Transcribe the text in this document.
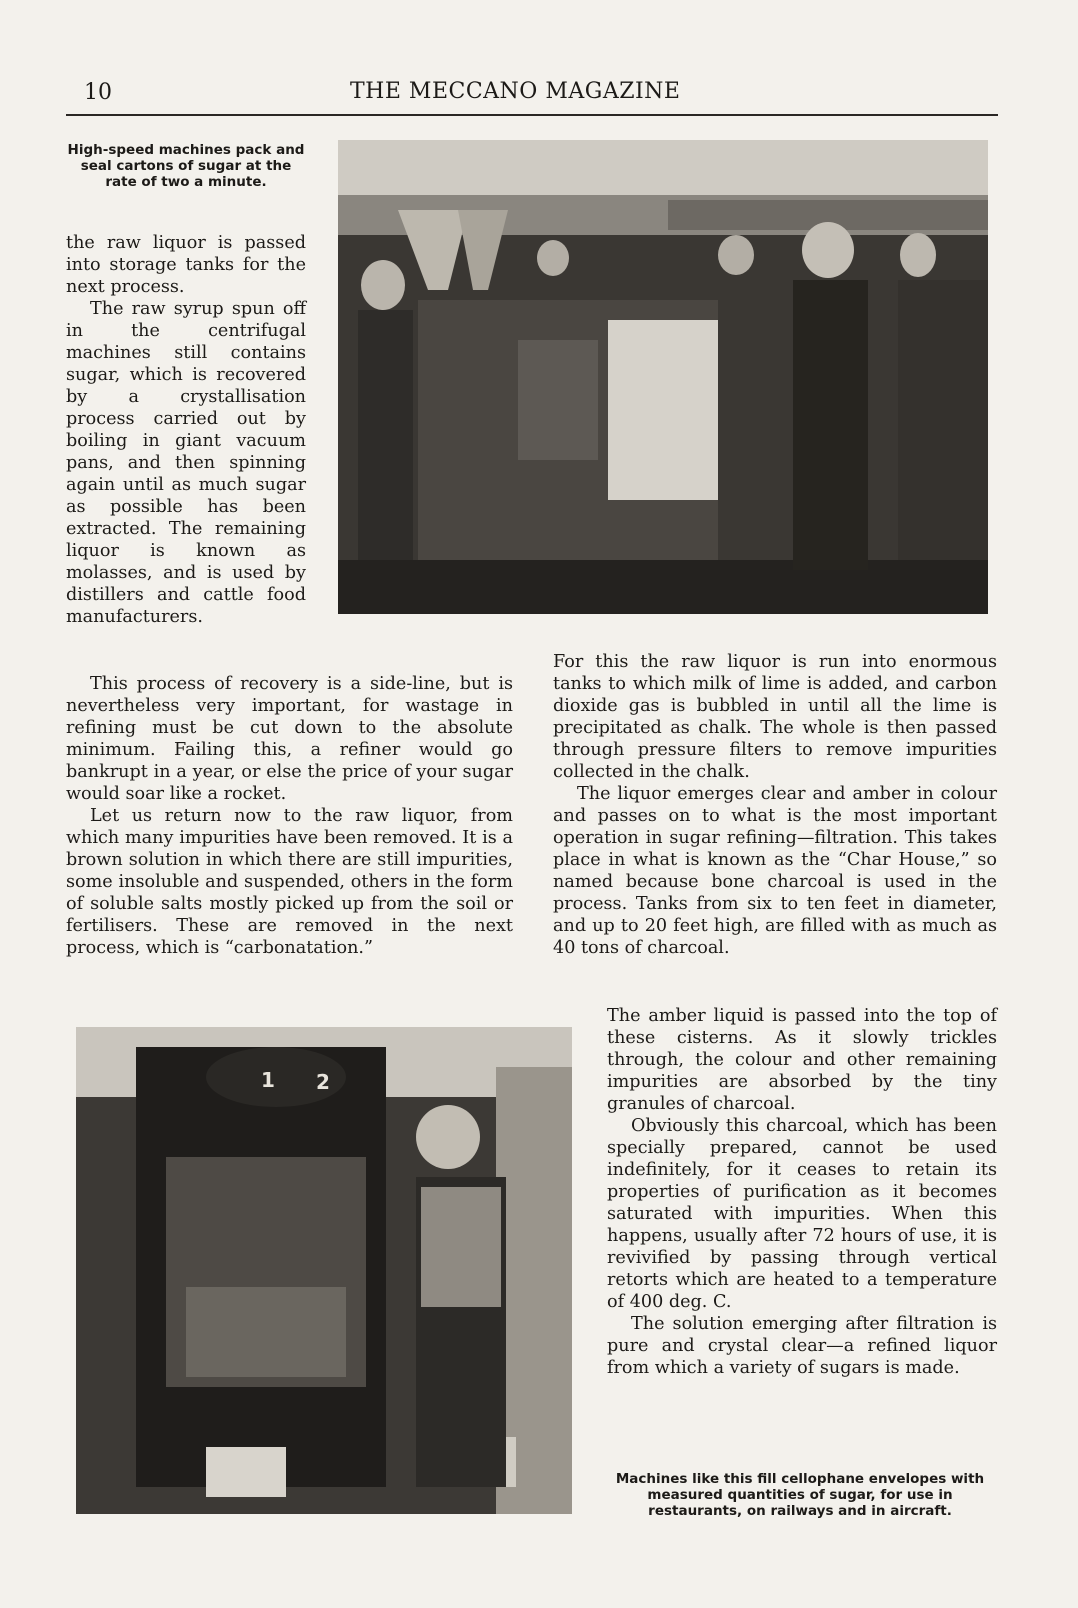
10	THE MECCANO MAGAZINE
High-speed machines pack and seal cartons of sugar at the rate of two a minute.

the raw liquor is passed into storage tanks for the next process.

The raw syrup spun off in the centrifugal machines still contains sugar, which is recovered by a crystallisation process carried out by boiling in giant vacuum pans, and then spinning again until as much sugar as possible has been extracted. The remaining liquor is known as molasses, and is used by distillers and cattle food manufacturers.

This process of recovery is a side-line, but is nevertheless very important, for wastage in refining must be cut down to the absolute minimum. Failing this, a refiner would go bankrupt in a year, or else the price of your sugar would soar like a rocket.

Let us return now to the raw liquor, from which many impurities have been removed. It is a brown solution in which there are still impurities, some insoluble and suspended, others in the form of soluble salts mostly picked up from the soil or fertilisers. These are removed in the next process, which is “carbonatation.”

For this the raw liquor is run into enormous tanks to which milk of lime is added, and carbon dioxide gas is bubbled in until all the lime is precipitated as chalk. The whole is then passed through pressure filters to remove impurities collected in the chalk.

The liquor emerges clear and amber in colour and passes on to what is the most important operation in sugar refining—filtration. This takes place in what is known as the “Char House,” so named because bone charcoal is used in the process. Tanks from six to ten feet in diameter, and up to 20 feet high, are filled with as much as 40 tons of charcoal.

1 2

The amber liquid is passed into the top of these cisterns. As it slowly trickles through, the colour and other remaining impurities are absorbed by the tiny granules of charcoal.

Obviously this charcoal, which has been specially prepared, cannot be used indefinitely, for it ceases to retain its properties of purification as it becomes saturated with impurities. When this happens, usually after 72 hours of use, it is revivified by passing through vertical retorts which are heated to a temperature of 400 deg. C.

The solution emerging after filtration is pure and crystal clear—a refined liquor from which a variety of sugars is made.

Machines like this fill cellophane envelopes with measured quantities of sugar, for use in restaurants, on railways and in aircraft.
